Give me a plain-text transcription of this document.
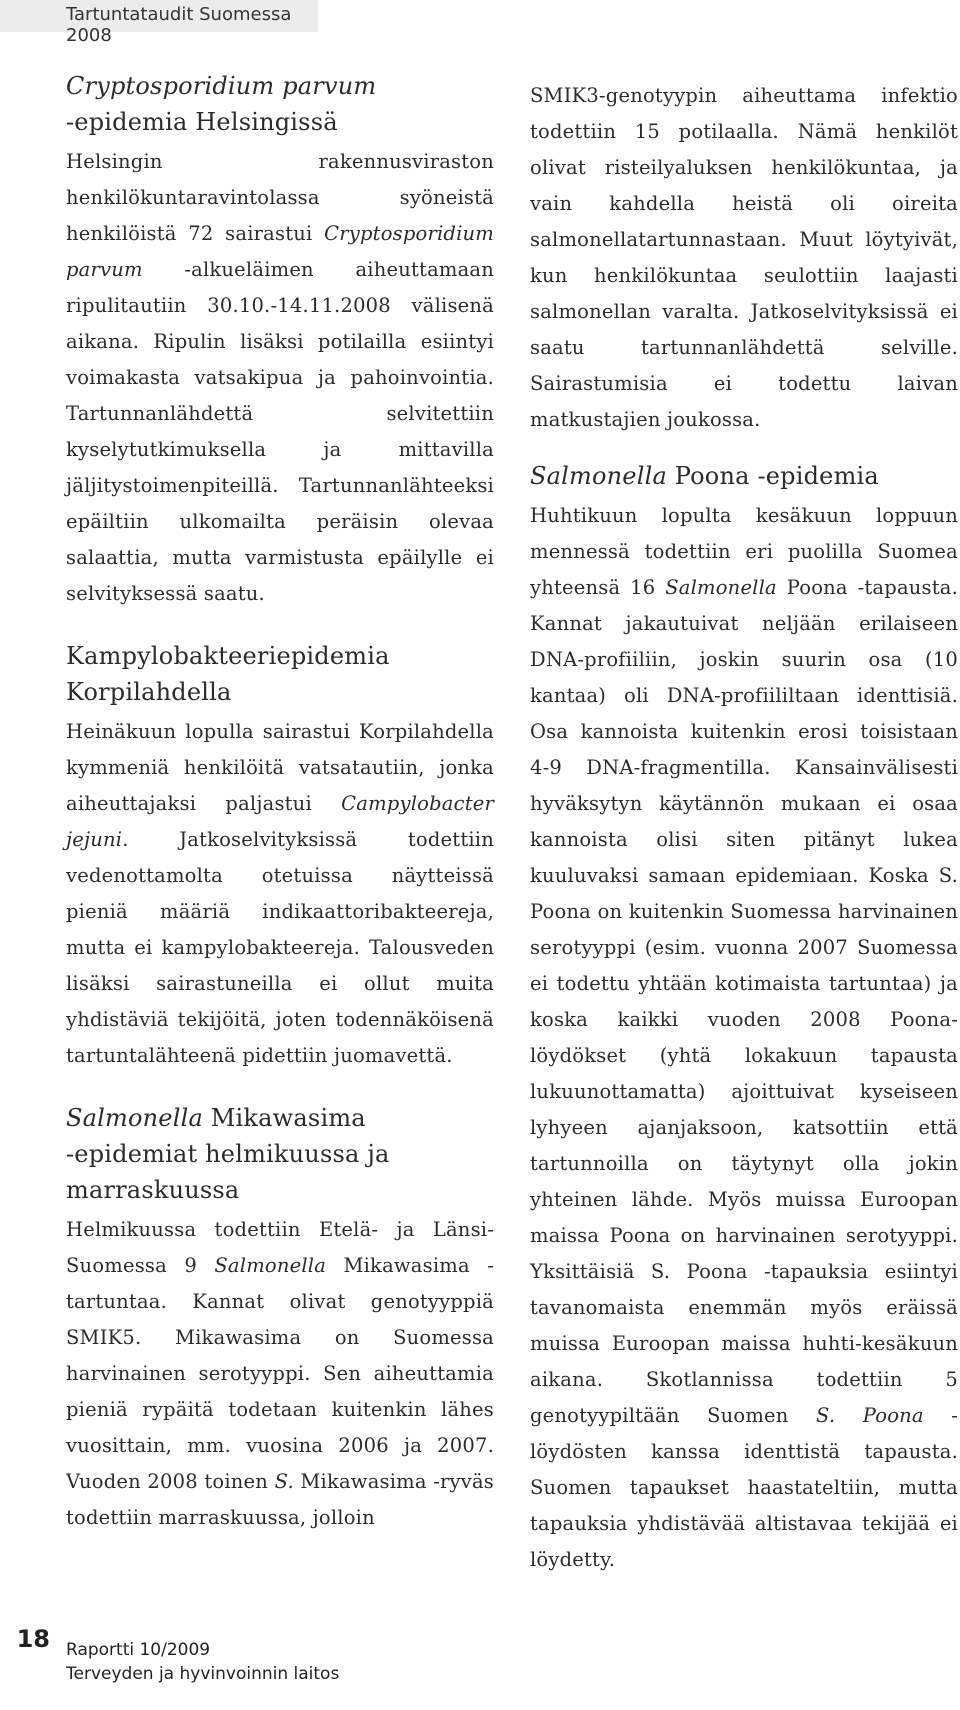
Tartuntataudit Suomessa 2008
Cryptosporidium parvum
-epidemia Helsingissä

Helsingin rakennusviraston henkilökuntaravintolassa syöneistä henkilöistä 72 sairastui Cryptosporidium parvum -alkueläimen aiheuttamaan ripulitautiin 30.10.-14.11.2008 välisenä aikana. Ripulin lisäksi potilailla esiintyi voimakasta vatsakipua ja pahoinvointia. Tartunnanlähdettä selvitettiin kyselytutkimuksella ja mittavilla jäljitystoimenpiteillä. Tartunnanlähteeksi epäiltiin ulkomailta peräisin olevaa salaattia, mutta varmistusta epäilylle ei selvityksessä saatu.

Kampylobakteeriepidemia Korpilahdella

Heinäkuun lopulla sairastui Korpilahdella kymmeniä henkilöitä vatsatautiin, jonka aiheuttajaksi paljastui Campylobacter jejuni. Jatkoselvityksissä todettiin vedenottamolta otetuissa näytteissä pieniä määriä indikaattoribakteereja, mutta ei kampylobakteereja. Talousveden lisäksi sairastuneilla ei ollut muita yhdistäviä tekijöitä, joten todennäköisenä tartuntalähteenä pidettiin juomavettä.

Salmonella Mikawasima
-epidemiat helmikuussa ja marraskuussa

Helmikuussa todettiin Etelä- ja Länsi-Suomessa 9 Salmonella Mikawasima -tartuntaa. Kannat olivat genotyyppiä SMIK5. Mikawasima on Suomessa harvinainen serotyyppi. Sen aiheuttamia pieniä rypäitä todetaan kuitenkin lähes vuosittain, mm. vuosina 2006 ja 2007. Vuoden 2008 toinen S. Mikawasima -ryväs todettiin marraskuussa, jolloin

SMIK3-genotyypin aiheuttama infektio todettiin 15 potilaalla. Nämä henkilöt olivat risteilyaluksen henkilökuntaa, ja vain kahdella heistä oli oireita salmonellatartunnastaan. Muut löytyivät, kun henkilökuntaa seulottiin laajasti salmonellan varalta. Jatkoselvityksissä ei saatu tartunnanlähdettä selville. Sairastumisia ei todettu laivan matkustajien joukossa.

Salmonella Poona -epidemia

Huhtikuun lopulta kesäkuun loppuun mennessä todettiin eri puolilla Suomea yhteensä 16 Salmonella Poona -tapausta. Kannat jakautuivat neljään erilaiseen DNA-profiiliin, joskin suurin osa (10 kantaa) oli DNA-profiililtaan identtisiä. Osa kannoista kuitenkin erosi toisistaan 4-9 DNA-fragmentilla. Kansainvälisesti hyväksytyn käytännön mukaan ei osaa kannoista olisi siten pitänyt lukea kuuluvaksi samaan epidemiaan. Koska S. Poona on kuitenkin Suomessa harvinainen serotyyppi (esim. vuonna 2007 Suomessa ei todettu yhtään kotimaista tartuntaa) ja koska kaikki vuoden 2008 Poona-löydökset (yhtä lokakuun tapausta lukuunottamatta) ajoittuivat kyseiseen lyhyeen ajanjaksoon, katsottiin että tartunnoilla on täytynyt olla jokin yhteinen lähde. Myös muissa Euroopan maissa Poona on harvinainen serotyyppi. Yksittäisiä S. Poona -tapauksia esiintyi tavanomaista enemmän myös eräissä muissa Euroopan maissa huhti-kesäkuun aikana. Skotlannissa todettiin 5 genotyypiltään Suomen S. Poona -löydösten kanssa identtistä tapausta. Suomen tapaukset haastateltiin, mutta tapauksia yhdistävää altistavaa tekijää ei löydetty.

18 Raportti 10/2009
Terveyden ja hyvinvoinnin laitos
